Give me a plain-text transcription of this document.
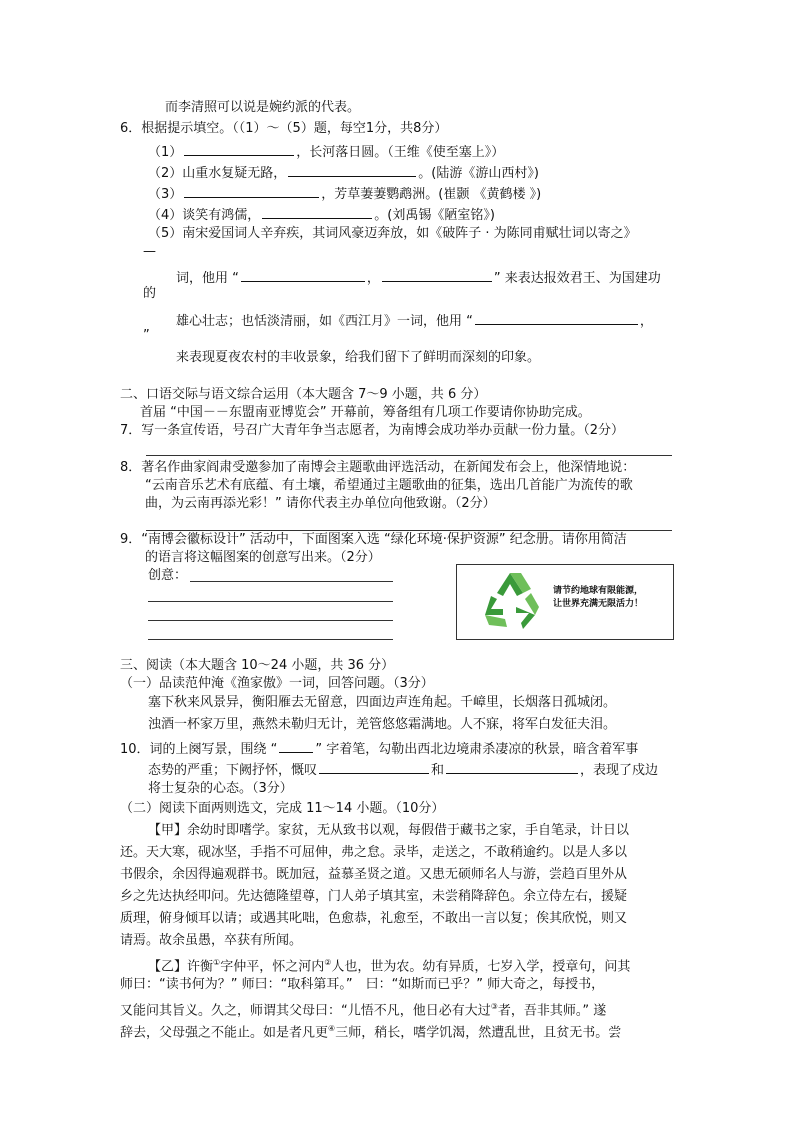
而李清照可以说是婉约派的代表。
6．根据提示填空。（（1）～（5）题，每空1分，共8分）
（1）	，长河落日圆。（王维《使至塞上》）
（2）山重水复疑无路，	。(陆游《游山西村》)
（3）	，芳草萋萋鹦鹉洲。(崔颢 《黄鹤楼 》)
（4）谈笑有鸿儒，	。(刘禹锡《陋室铭》)
（5）南宋爱国词人辛弃疾，其词风豪迈奔放，如《破阵子 · 为陈同甫赋壮词以寄之》
—
词，他用 “	，	” 来表达报效君王、为国建功
的
雄心壮志；也恬淡清丽，如《西江月》一词，他用 “	，
”
来表现夏夜农村的丰收景象，给我们留下了鲜明而深刻的印象。
二、口语交际与语文综合运用（本大题含 7～9 小题，共 6 分）
首届 “中国－－东盟南亚博览会” 开幕前，筹备组有几项工作要请你协助完成。
7．写一条宣传语，号召广大青年争当志愿者，为南博会成功举办贡献一份力量。（2分）
8．著名作曲家阎肃受邀参加了南博会主题歌曲评选活动，在新闻发布会上，他深情地说：
“云南音乐艺术有底蕴、有土壤，希望通过主题歌曲的征集，选出几首能广为流传的歌
曲，为云南再添光彩！” 请你代表主办单位向他致谢。（2分）
9．“南博会徽标设计” 活动中，下面图案入选 “绿化环境·保护资源” 纪念册。请你用简洁
的语言将这幅图案的创意写出来。（2分）
创意：
请节约地球有限能源，
让世界充满无限活力！
三、阅读（本大题含 10～24 小题，共 36 分）
（一）品读范仲淹《渔家傲》一词，回答问题。（3分）
塞下秋来风景异，衡阳雁去无留意，四面边声连角起。千嶂里，长烟落日孤城闭。
浊酒一杯家万里，燕然未勒归无计，羌管悠悠霜满地。人不寐，将军白发征夫泪。
10．词的上阕写景，围绕 “	” 字着笔，勾勒出西北边境肃杀凄凉的秋景，暗含着军事
态势的严重；下阙抒怀，慨叹	和	，表现了戍边
将士复杂的心态。（3分）
（二）阅读下面两则选文，完成 11～14 小题。（10分）
【甲】余幼时即嗜学。家贫，无从致书以观，每假借于藏书之家，手自笔录，计日以
还。天大寒，砚冰坚，手指不可屈伸，弗之怠。录毕，走送之，不敢稍逾约。以是人多以
书假余，余因得遍观群书。既加冠，益慕圣贤之道。又患无硕师名人与游，尝趋百里外从
乡之先达执经叩问。先达德隆望尊，门人弟子填其室，未尝稍降辞色。余立侍左右，援疑
质理，俯身倾耳以请；或遇其叱咄，色愈恭，礼愈至，不敢出一言以复；俟其欣悦，则又
请焉。故余虽愚，卒获有所闻。
【乙】许衡①字仲平，怀之河内②人也，世为农。幼有异质，七岁入学，授章句，问其
师曰：“读书何为？” 师曰：“取科第耳。”　曰：“如斯而已乎？” 师大奇之，每授书，
又能问其旨义。久之，师谓其父母曰：“儿悟不凡，他日必有大过③者，吾非其师。” 遂
辞去，父母强之不能止。如是者凡更④三师，稍长，嗜学饥渴，然遭乱世，且贫无书。尝
